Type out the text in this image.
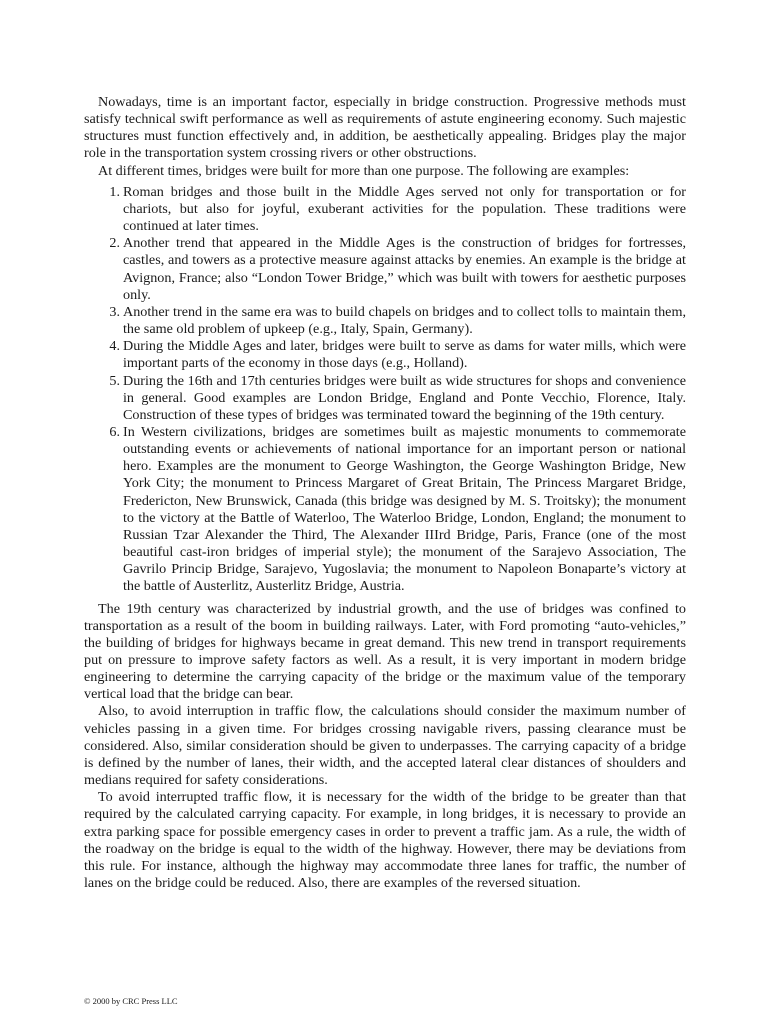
Nowadays, time is an important factor, especially in bridge construction. Progressive methods must satisfy technical swift performance as well as requirements of astute engineering economy. Such majestic structures must function effectively and, in addition, be aesthetically appealing. Bridges play the major role in the transportation system crossing rivers or other obstructions.

At different times, bridges were built for more than one purpose. The following are examples:

1. Roman bridges and those built in the Middle Ages served not only for transportation or for chariots, but also for joyful, exuberant activities for the population. These traditions were continued at later times.
2. Another trend that appeared in the Middle Ages is the construction of bridges for fortresses, castles, and towers as a protective measure against attacks by enemies. An example is the bridge at Avignon, France; also “London Tower Bridge,” which was built with towers for aesthetic purposes only.
3. Another trend in the same era was to build chapels on bridges and to collect tolls to maintain them, the same old problem of upkeep (e.g., Italy, Spain, Germany).
4. During the Middle Ages and later, bridges were built to serve as dams for water mills, which were important parts of the economy in those days (e.g., Holland).
5. During the 16th and 17th centuries bridges were built as wide structures for shops and convenience in general. Good examples are London Bridge, England and Ponte Vecchio, Florence, Italy. Construction of these types of bridges was terminated toward the beginning of the 19th century.
6. In Western civilizations, bridges are sometimes built as majestic monuments to commemorate outstanding events or achievements of national importance for an important person or national hero. Examples are the monument to George Washington, the George Washington Bridge, New York City; the monument to Princess Margaret of Great Britain, The Princess Margaret Bridge, Fredericton, New Brunswick, Canada (this bridge was designed by M. S. Troitsky); the monument to the victory at the Battle of Waterloo, The Waterloo Bridge, London, England; the monument to Russian Tzar Alexander the Third, The Alexander IIIrd Bridge, Paris, France (one of the most beautiful cast-iron bridges of imperial style); the monument of the Sarajevo Association, The Gavrilo Princip Bridge, Sarajevo, Yugoslavia; the monument to Napoleon Bonaparte’s victory at the battle of Austerlitz, Austerlitz Bridge, Austria.

The 19th century was characterized by industrial growth, and the use of bridges was confined to transportation as a result of the boom in building railways. Later, with Ford promoting “auto-vehicles,” the building of bridges for highways became in great demand. This new trend in transport requirements put on pressure to improve safety factors as well. As a result, it is very important in modern bridge engineering to determine the carrying capacity of the bridge or the maximum value of the temporary vertical load that the bridge can bear.

Also, to avoid interruption in traffic flow, the calculations should consider the maximum number of vehicles passing in a given time. For bridges crossing navigable rivers, passing clearance must be considered. Also, similar consideration should be given to underpasses. The carrying capacity of a bridge is defined by the number of lanes, their width, and the accepted lateral clear distances of shoulders and medians required for safety considerations.

To avoid interrupted traffic flow, it is necessary for the width of the bridge to be greater than that required by the calculated carrying capacity. For example, in long bridges, it is necessary to provide an extra parking space for possible emergency cases in order to prevent a traffic jam. As a rule, the width of the roadway on the bridge is equal to the width of the highway. However, there may be deviations from this rule. For instance, although the highway may accommodate three lanes for traffic, the number of lanes on the bridge could be reduced. Also, there are examples of the reversed situation.

© 2000 by CRC Press LLC
